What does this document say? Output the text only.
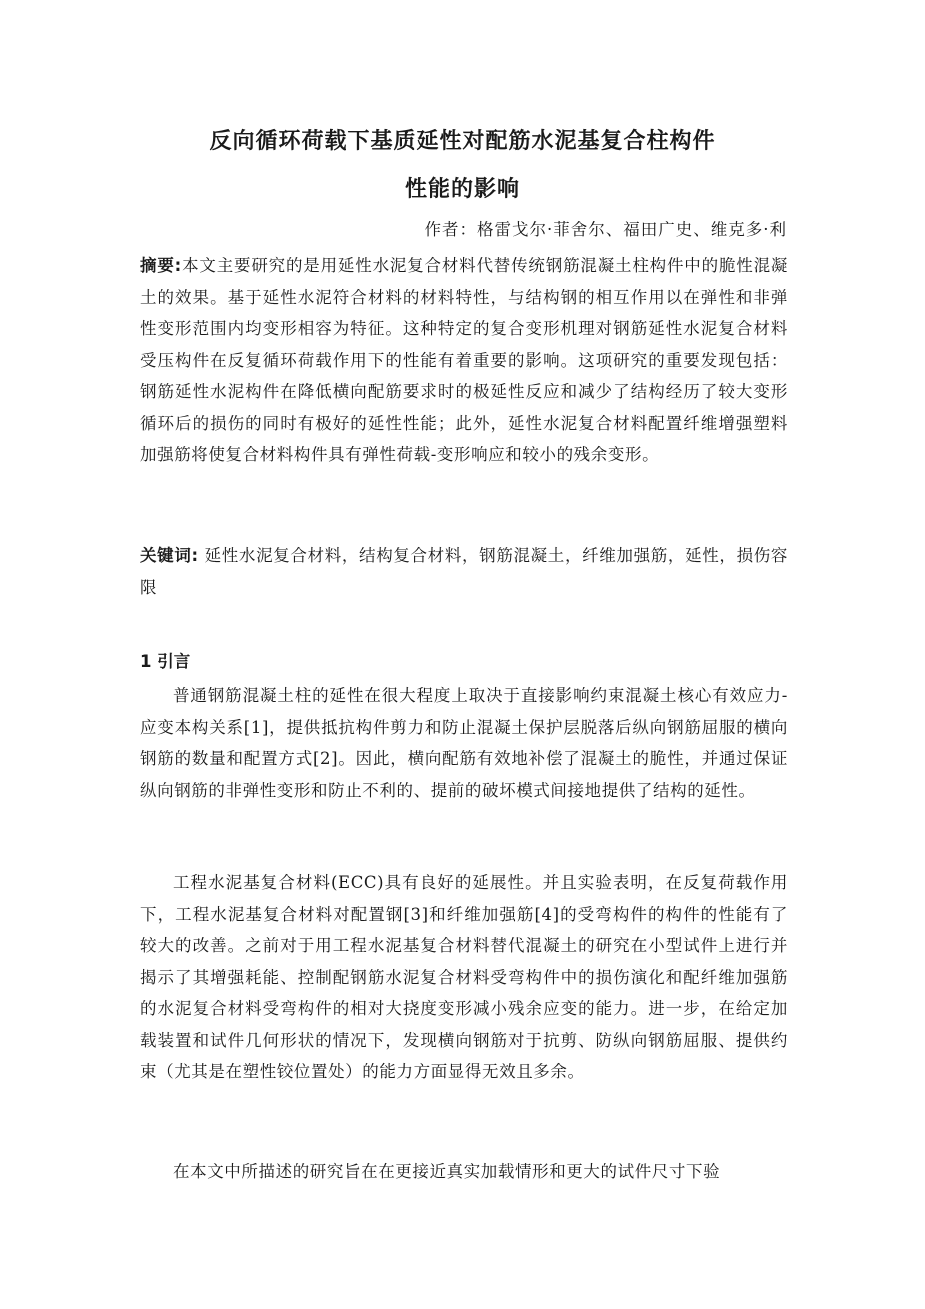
反向循环荷载下基质延性对配筋水泥基复合柱构件
性能的影响
作者：格雷戈尔·菲舍尔、福田广史、维克多·利
摘要:本文主要研究的是用延性水泥复合材料代替传统钢筋混凝土柱构件中的脆性混凝土的效果。基于延性水泥符合材料的材料特性，与结构钢的相互作用以在弹性和非弹性变形范围内均变形相容为特征。这种特定的复合变形机理对钢筋延性水泥复合材料受压构件在反复循环荷载作用下的性能有着重要的影响。这项研究的重要发现包括：钢筋延性水泥构件在降低横向配筋要求时的极延性反应和减少了结构经历了较大变形循环后的损伤的同时有极好的延性性能；此外，延性水泥复合材料配置纤维增强塑料加强筋将使复合材料构件具有弹性荷载-变形响应和较小的残余变形。
关键词: 延性水泥复合材料，结构复合材料，钢筋混凝土，纤维加强筋，延性，损伤容限
1 引言
普通钢筋混凝土柱的延性在很大程度上取决于直接影响约束混凝土核心有效应力-应变本构关系[1]，提供抵抗构件剪力和防止混凝土保护层脱落后纵向钢筋屈服的横向钢筋的数量和配置方式[2]。因此，横向配筋有效地补偿了混凝土的脆性，并通过保证纵向钢筋的非弹性变形和防止不利的、提前的破坏模式间接地提供了结构的延性。
工程水泥基复合材料(ECC)具有良好的延展性。并且实验表明，在反复荷载作用下，工程水泥基复合材料对配置钢[3]和纤维加强筋[4]的受弯构件的构件的性能有了较大的改善。之前对于用工程水泥基复合材料替代混凝土的研究在小型试件上进行并揭示了其增强耗能、控制配钢筋水泥复合材料受弯构件中的损伤演化和配纤维加强筋的水泥复合材料受弯构件的相对大挠度变形减小残余应变的能力。进一步，在给定加载装置和试件几何形状的情况下，发现横向钢筋对于抗剪、防纵向钢筋屈服、提供约束（尤其是在塑性铰位置处）的能力方面显得无效且多余。
在本文中所描述的研究旨在在更接近真实加载情形和更大的试件尺寸下验
